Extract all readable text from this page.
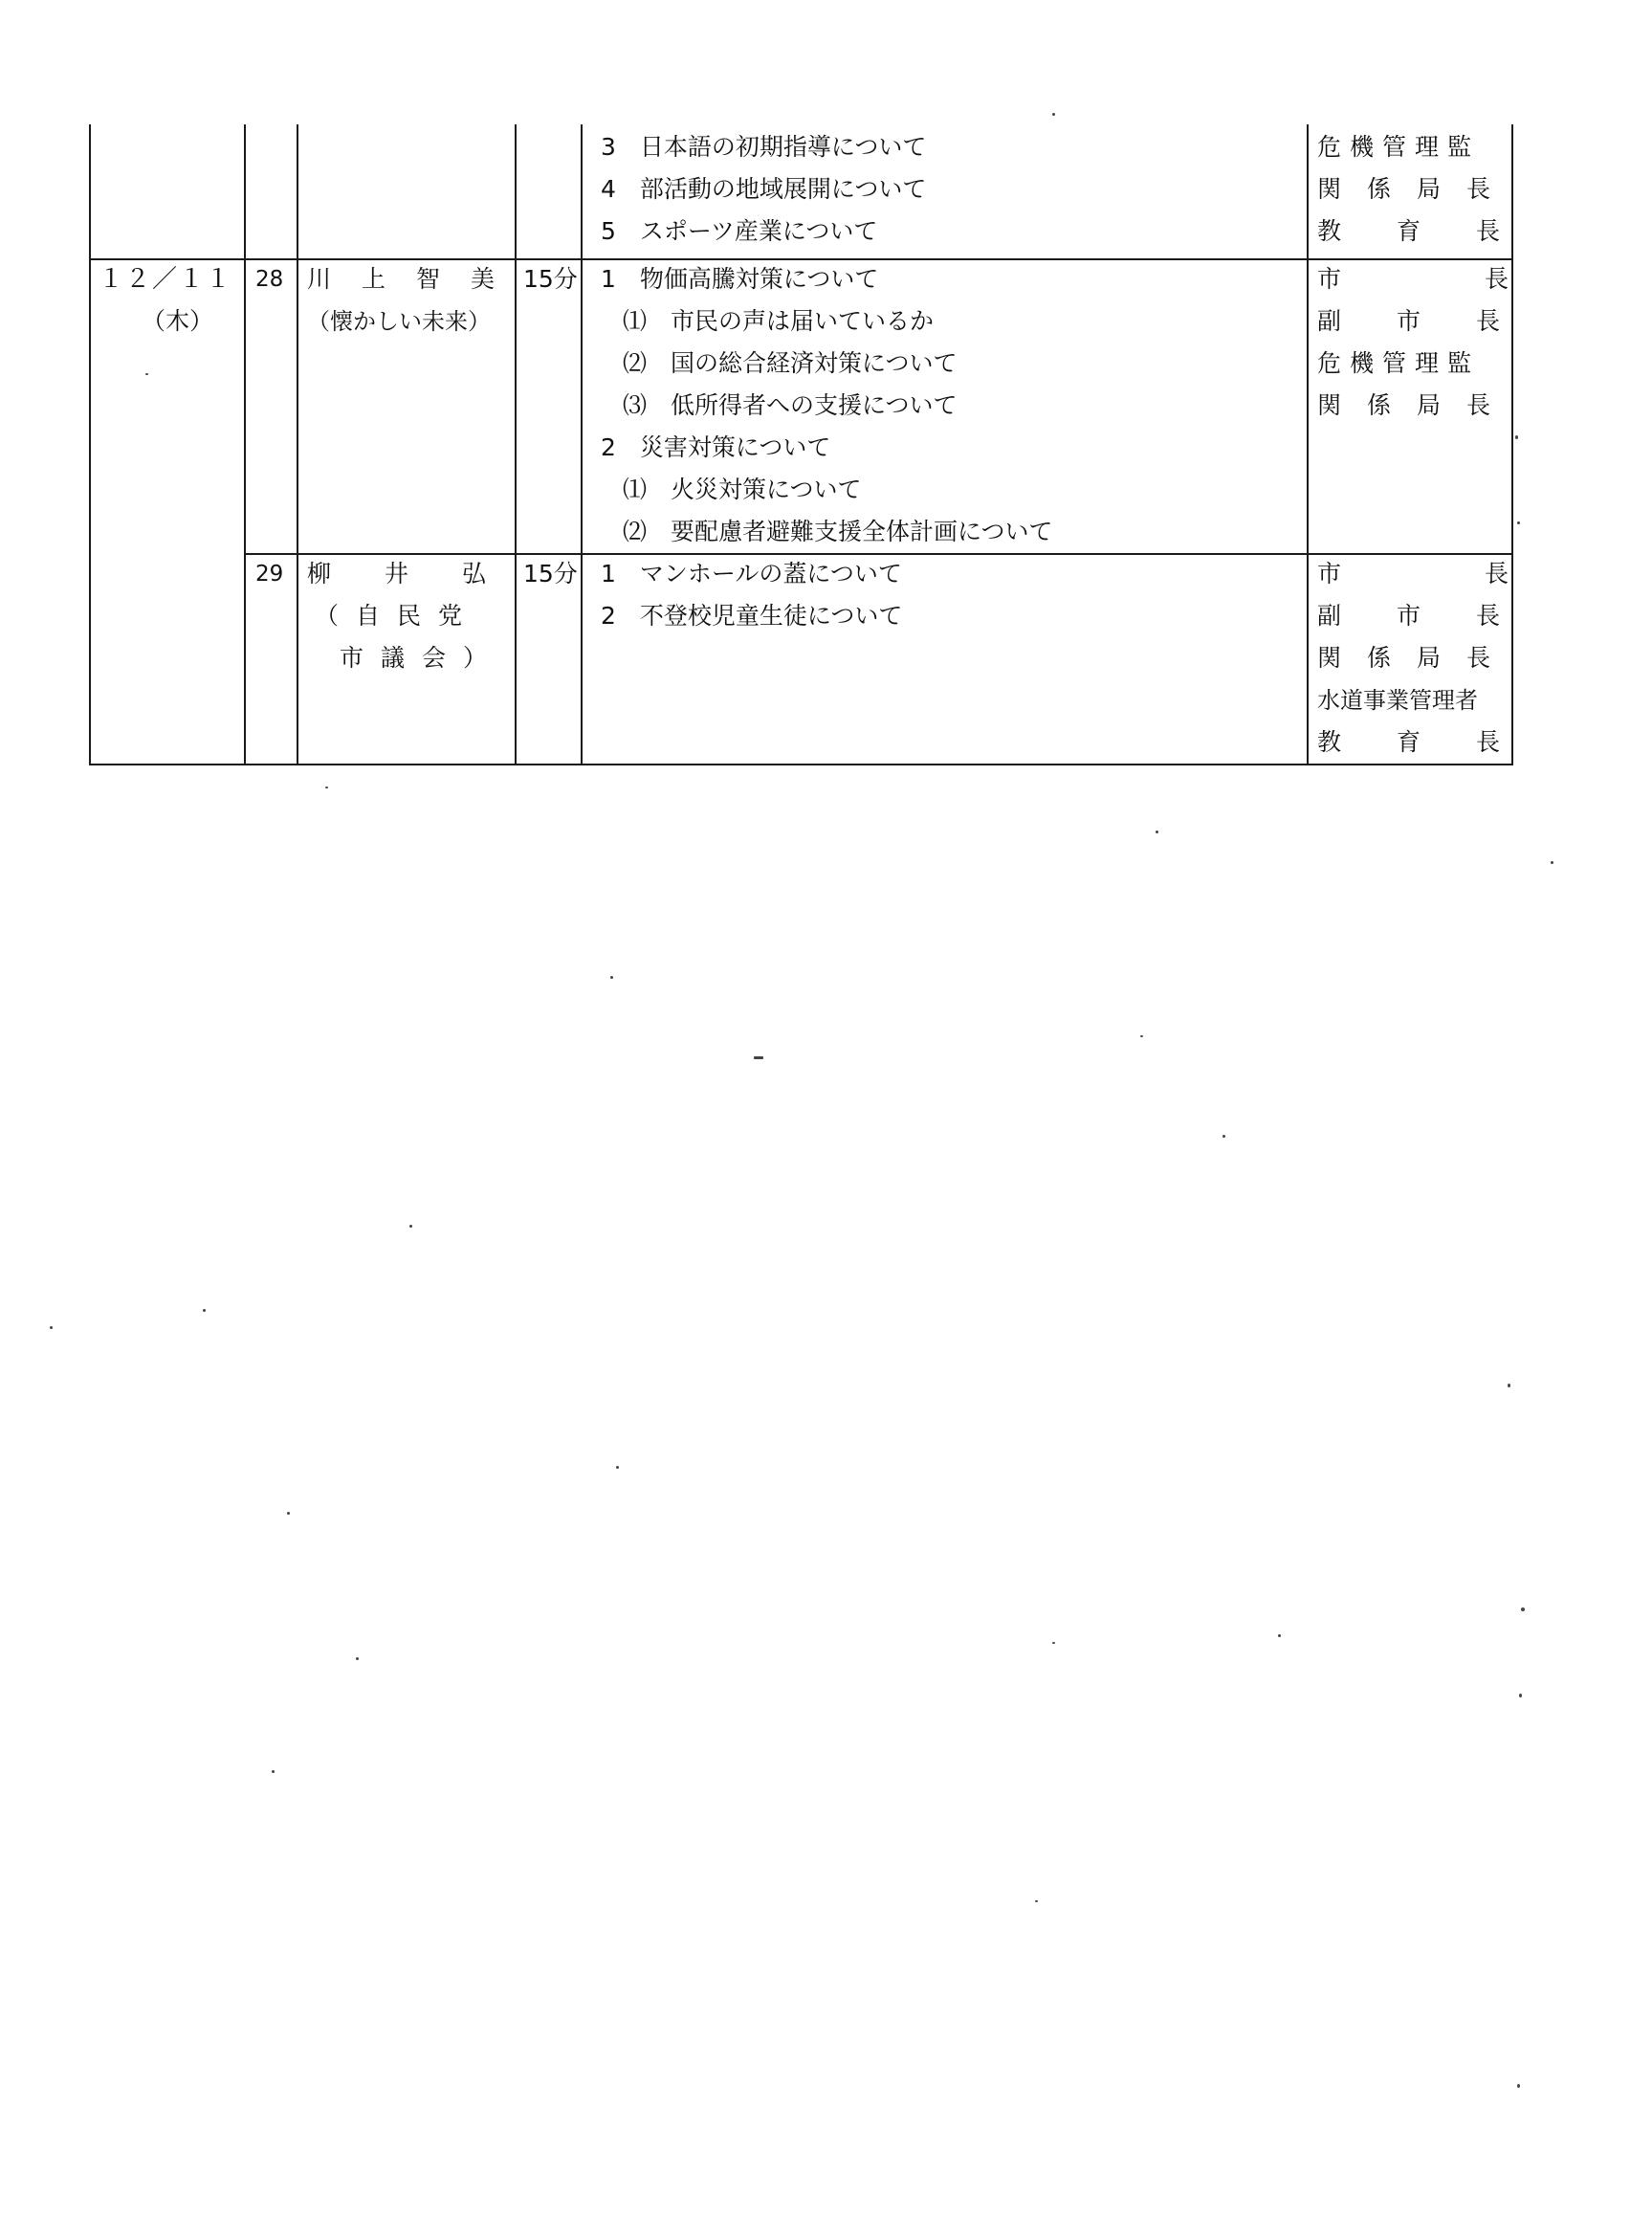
3　日本語の初期指導について
4　部活動の地域展開について
5　スポーツ産業について
危機管理監
関係局長
教育長
１２／１１
（木）
28 川上智美
（懐かしい未来）
15分 1　物価高騰対策について
⑴　市民の声は届いているか
⑵　国の総合経済対策について
⑶　低所得者への支援について
2　災害対策について
⑴　火災対策について
⑵　要配慮者避難支援全体計画について
市長
副市長
危機管理監
関係局長
29 柳井弘
（自民党
市議会）
15分 1　マンホールの蓋について
2　不登校児童生徒について
市長
副市長
関係局長
水道事業管理者
教育長
